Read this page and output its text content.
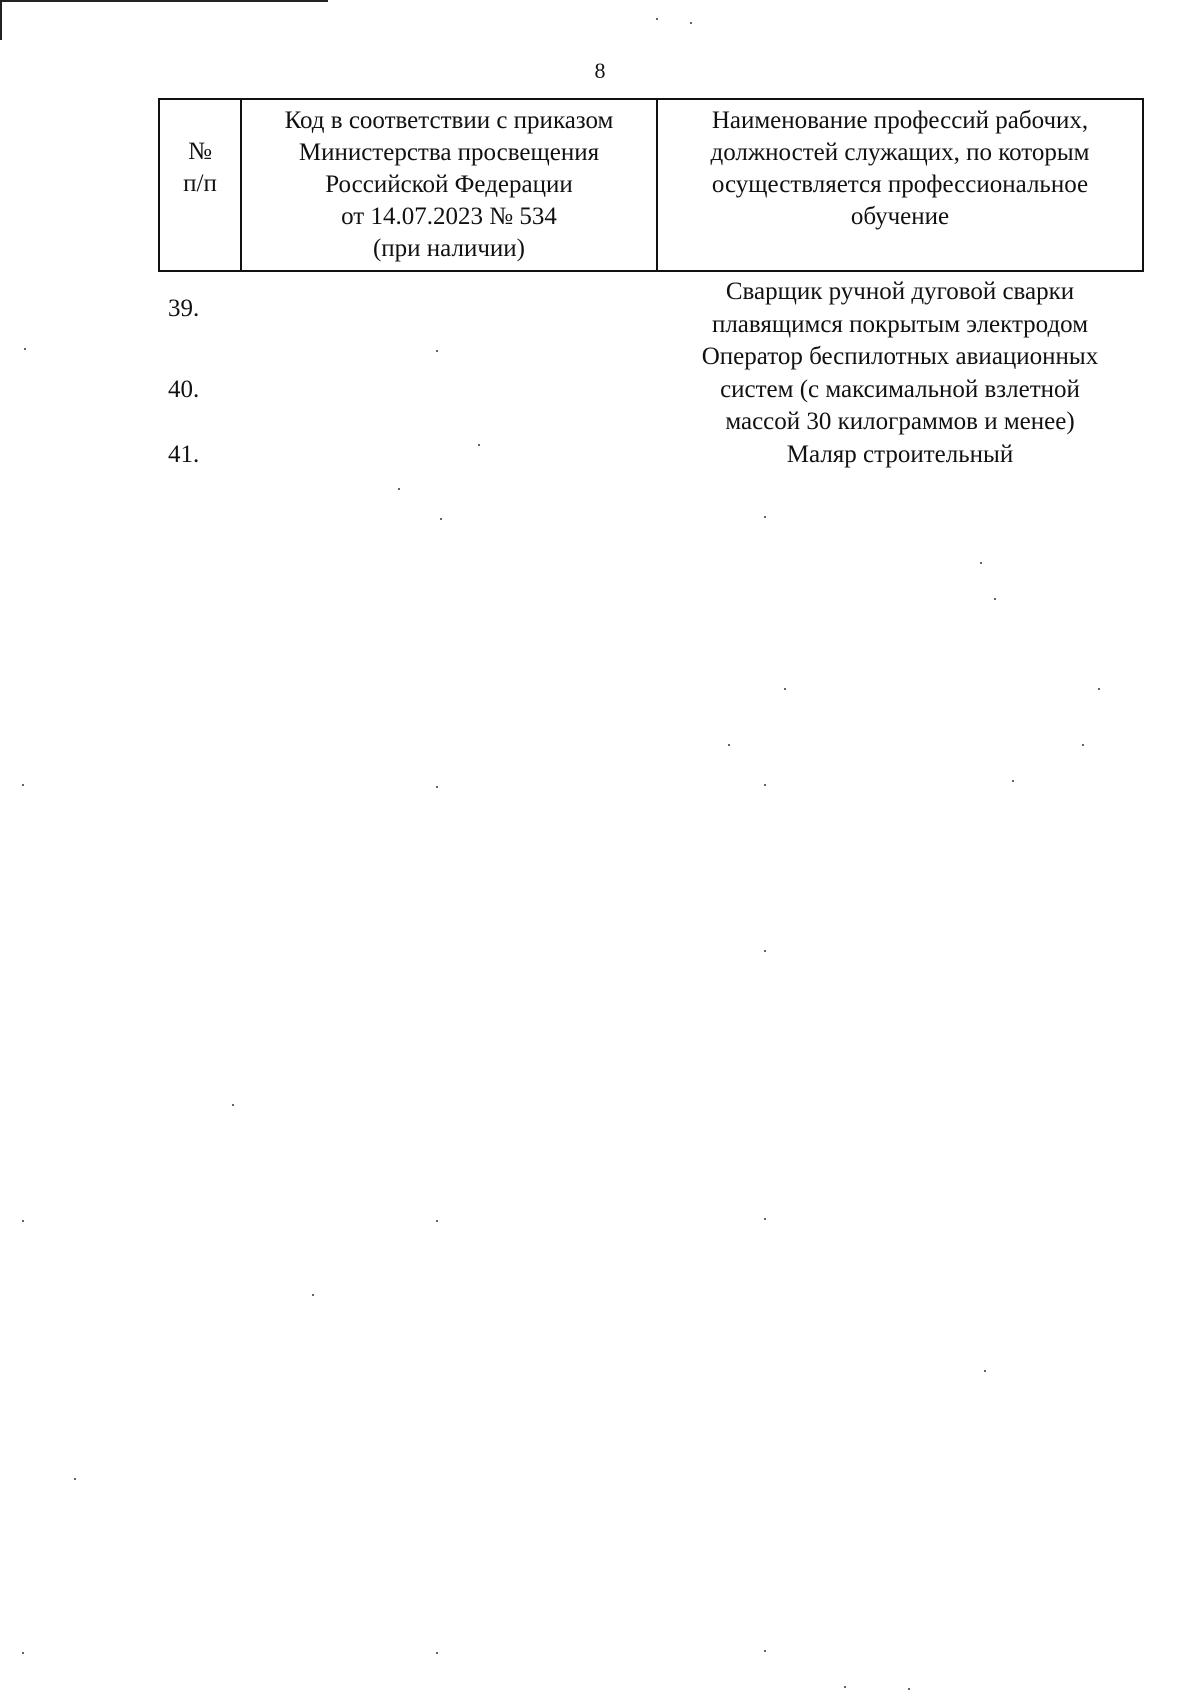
8
№
п/п
Код в соответствии с приказом
Министерства просвещения
Российской Федерации
от 14.07.2023 № 534
(при наличии)
Наименование профессий рабочих,
должностей служащих, по которым
осуществляется профессиональное
обучение
39.
Сварщик ручной дуговой сварки
плавящимся покрытым электродом
40.
Оператор беспилотных авиационных
систем (с максимальной взлетной
массой 30 килограммов и менее)
41.	Маляр строительный
